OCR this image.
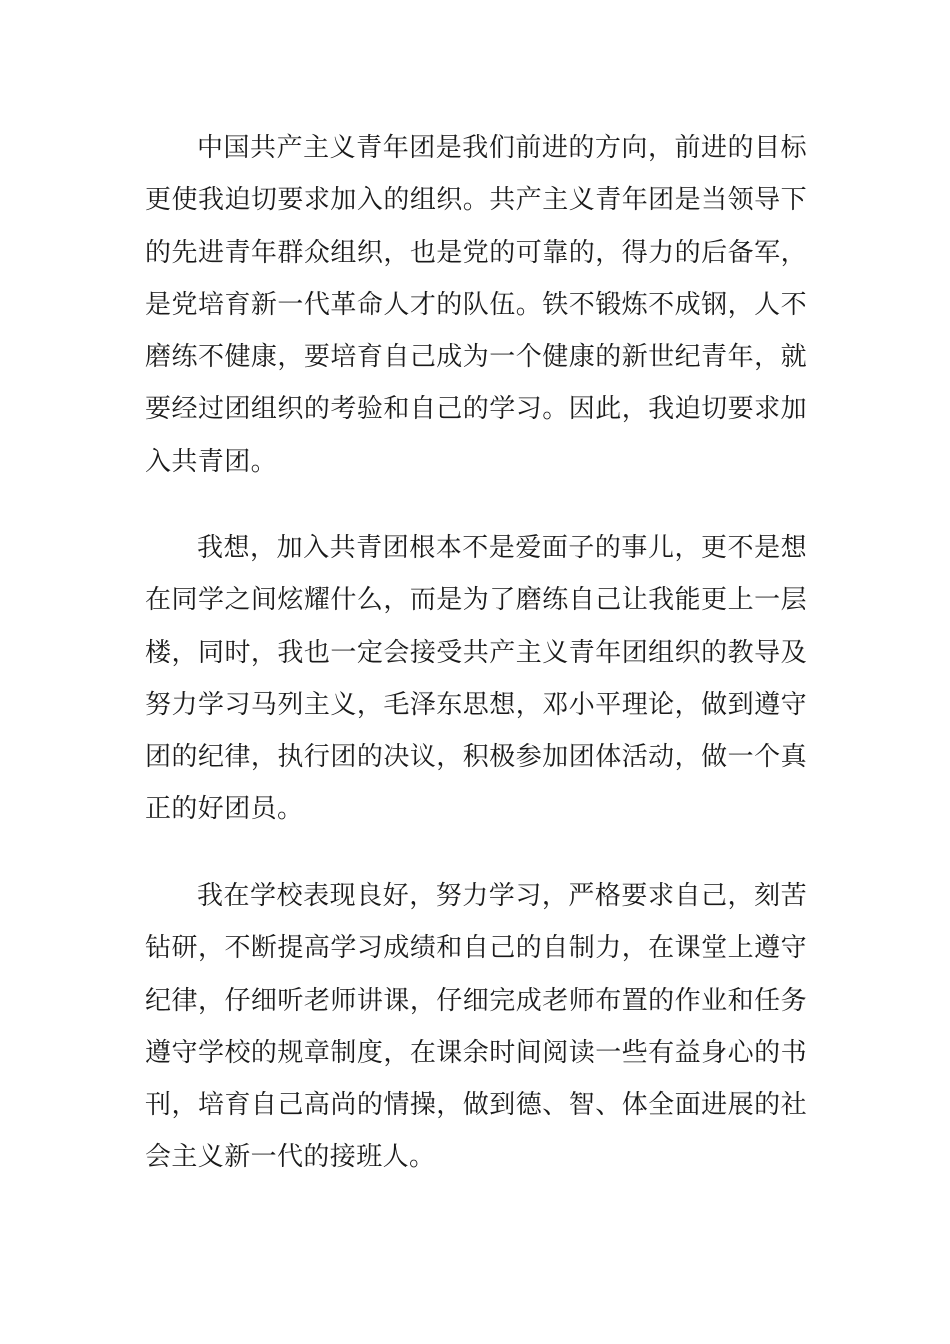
中国共产主义青年团是我们前进的方向，前进的目标更使我迫切要求加入的组织。共产主义青年团是当领导下的先进青年群众组织，也是党的可靠的，得力的后备军，是党培育新一代革命人才的队伍。铁不锻炼不成钢，人不磨练不健康，要培育自己成为一个健康的新世纪青年，就要经过团组织的考验和自己的学习。因此，我迫切要求加入共青团。

我想，加入共青团根本不是爱面子的事儿，更不是想在同学之间炫耀什么，而是为了磨练自己让我能更上一层楼，同时，我也一定会接受共产主义青年团组织的教导及努力学习马列主义，毛泽东思想，邓小平理论，做到遵守团的纪律，执行团的决议，积极参加团体活动，做一个真正的好团员。

我在学校表现良好，努力学习，严格要求自己，刻苦钻研，不断提高学习成绩和自己的自制力，在课堂上遵守纪律，仔细听老师讲课，仔细完成老师布置的作业和任务遵守学校的规章制度，在课余时间阅读一些有益身心的书刊，培育自己高尚的情操，做到德、智、体全面进展的社会主义新一代的接班人。
